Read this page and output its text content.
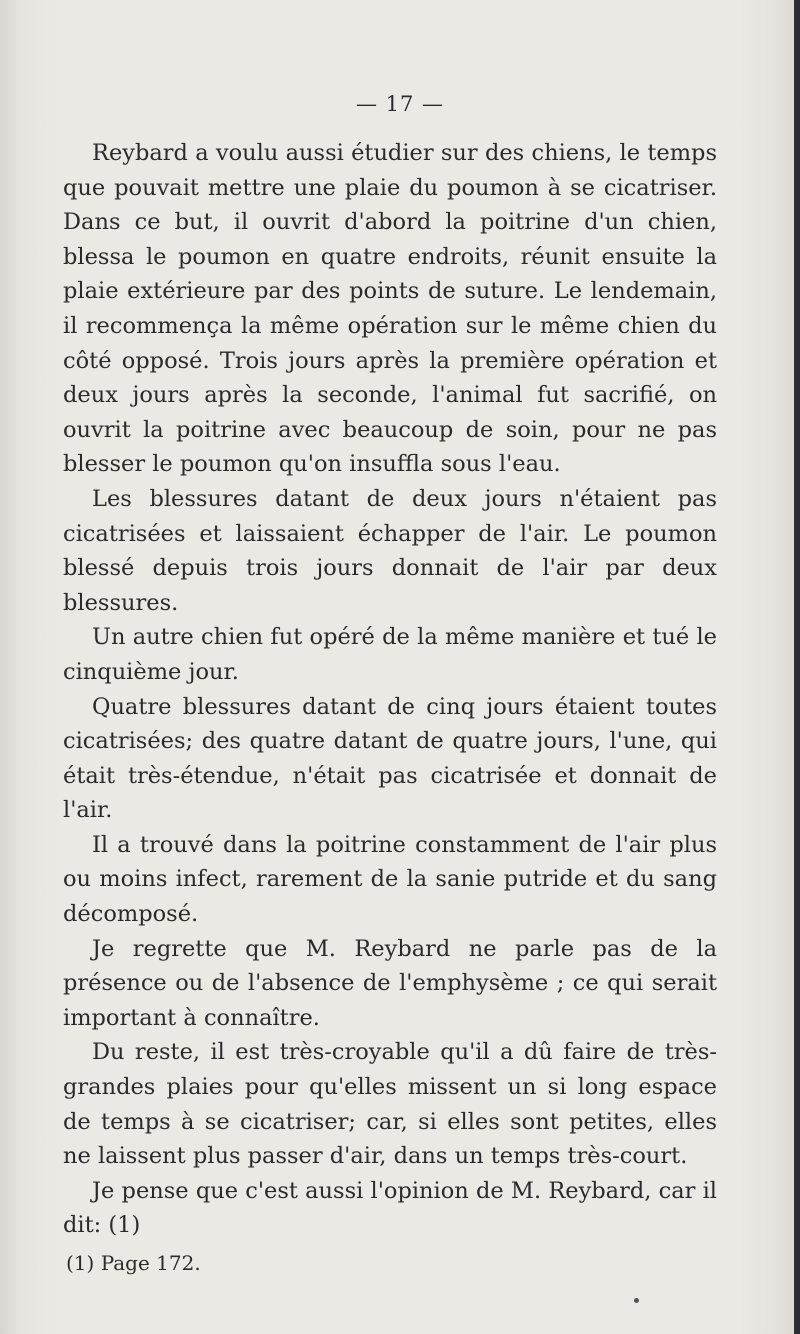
— 17 —

Reybard a voulu aussi étudier sur des chiens, le temps que pouvait mettre une plaie du poumon à se cicatriser. Dans ce but, il ouvrit d'abord la poitrine d'un chien, blessa le poumon en quatre endroits, réunit ensuite la plaie extérieure par des points de suture. Le lendemain, il recommença la même opération sur le même chien du côté opposé. Trois jours après la première opération et deux jours après la seconde, l'animal fut sacrifié, on ouvrit la poitrine avec beaucoup de soin, pour ne pas blesser le poumon qu'on insuffla sous l'eau.

Les blessures datant de deux jours n'étaient pas cicatrisées et laissaient échapper de l'air. Le poumon blessé depuis trois jours donnait de l'air par deux blessures.

Un autre chien fut opéré de la même manière et tué le cinquième jour.

Quatre blessures datant de cinq jours étaient toutes cicatrisées; des quatre datant de quatre jours, l'une, qui était très-étendue, n'était pas cicatrisée et donnait de l'air.

Il a trouvé dans la poitrine constamment de l'air plus ou moins infect, rarement de la sanie putride et du sang décomposé.

Je regrette que M. Reybard ne parle pas de la présence ou de l'absence de l'emphysème ; ce qui serait important à connaître.

Du reste, il est très-croyable qu'il a dû faire de très-grandes plaies pour qu'elles missent un si long espace de temps à se cicatriser; car, si elles sont petites, elles ne laissent plus passer d'air, dans un temps très-court.

Je pense que c'est aussi l'opinion de M. Reybard, car il dit: (1)

(1) Page 172.
